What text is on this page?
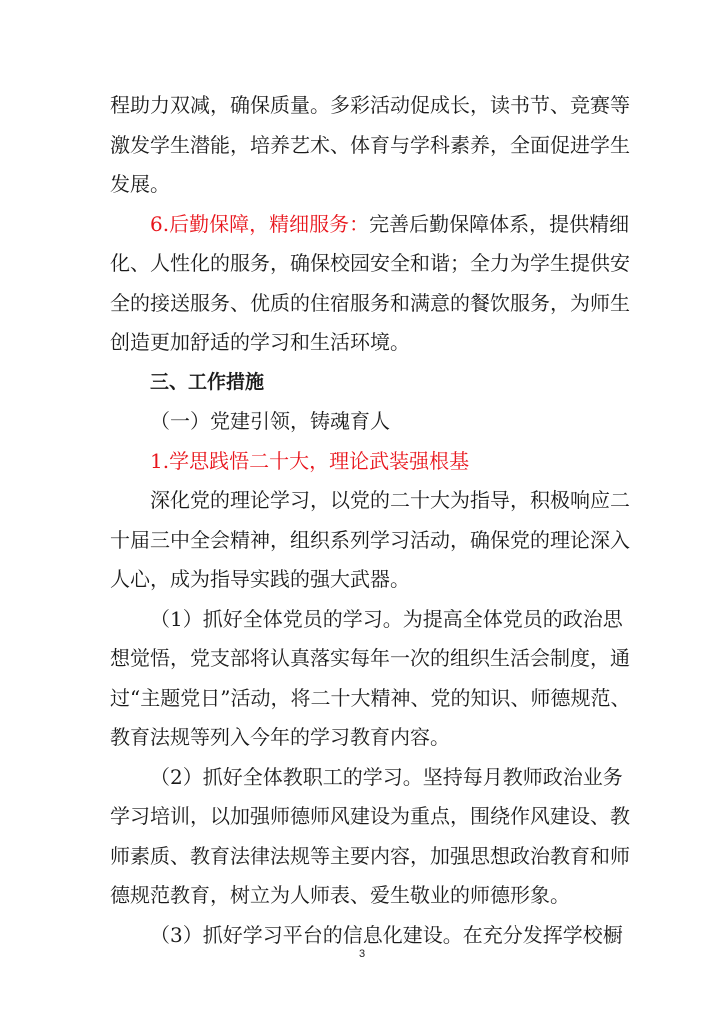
程助力双减，确保质量。多彩活动促成长，读书节、竞赛等
激发学生潜能，培养艺术、体育与学科素养，全面促进学生
发展。
6.后勤保障，精细服务：完善后勤保障体系，提供精细
化、人性化的服务，确保校园安全和谐；全力为学生提供安
全的接送服务、优质的住宿服务和满意的餐饮服务，为师生
创造更加舒适的学习和生活环境。
三、工作措施
（一）党建引领，铸魂育人
1.学思践悟二十大，理论武装强根基
深化党的理论学习，以党的二十大为指导，积极响应二
十届三中全会精神，组织系列学习活动，确保党的理论深入
人心，成为指导实践的强大武器。
（1）抓好全体党员的学习。为提高全体党员的政治思
想觉悟，党支部将认真落实每年一次的组织生活会制度，通
过“主题党日”活动，将二十大精神、党的知识、师德规范、
教育法规等列入今年的学习教育内容。
（2）抓好全体教职工的学习。坚持每月教师政治业务
学习培训，以加强师德师风建设为重点，围绕作风建设、教
师素质、教育法律法规等主要内容，加强思想政治教育和师
德规范教育，树立为人师表、爱生敬业的师德形象。
（3）抓好学习平台的信息化建设。在充分发挥学校橱
3
